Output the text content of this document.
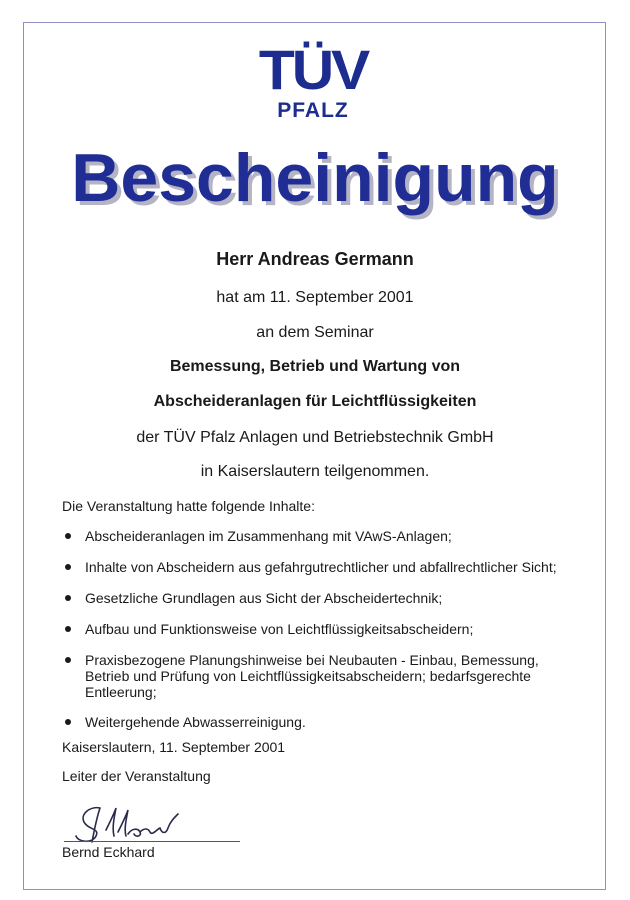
TÜV
PFALZ
Bescheinigung
Herr Andreas Germann
hat am 11. September 2001
an dem Seminar
Bemessung, Betrieb und Wartung von
Abscheideranlagen für Leichtflüssigkeiten
der TÜV Pfalz Anlagen und Betriebstechnik GmbH
in Kaiserslautern teilgenommen.
Die Veranstaltung hatte folgende Inhalte:
Abscheideranlagen im Zusammenhang mit VAwS-Anlagen;
Inhalte von Abscheidern aus gefahrgutrechtlicher und abfallrechtlicher Sicht;
Gesetzliche Grundlagen aus Sicht der Abscheidertechnik;
Aufbau und Funktionsweise von Leichtflüssigkeitsabscheidern;
Praxisbezogene Planungshinweise bei Neubauten - Einbau, Bemessung, Betrieb und Prüfung von Leichtflüssigkeitsabscheidern; bedarfsgerechte Entleerung;
Weitergehende Abwasserreinigung.
Kaiserslautern, 11. September 2001
Leiter der Veranstaltung
Bernd Eckhard
